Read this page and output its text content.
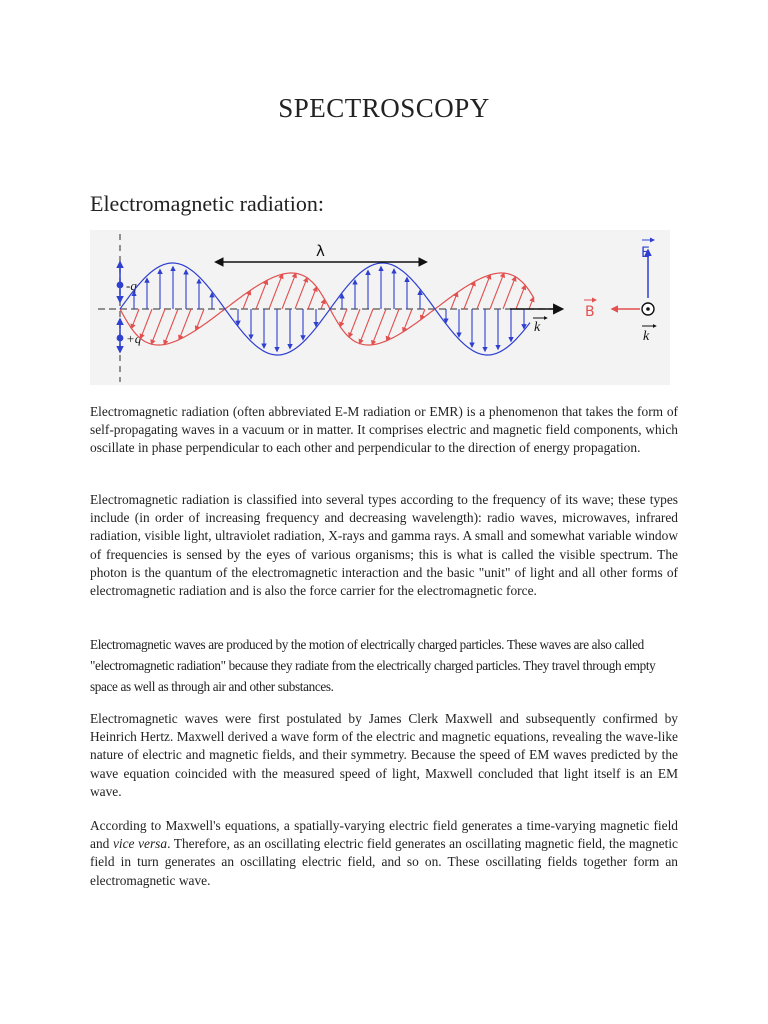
SPECTROSCOPY
Electromagnetic radiation:
-q
+q
k
λ	E
B
k

Electromagnetic radiation (often abbreviated E-M radiation or EMR) is a phenomenon that takes the form of self-propagating waves in a vacuum or in matter. It comprises electric and magnetic field components, which oscillate in phase perpendicular to each other and perpendicular to the direction of energy propagation.

Electromagnetic radiation is classified into several types according to the frequency of its wave; these types include (in order of increasing frequency and decreasing wavelength): radio waves, microwaves, infrared radiation, visible light, ultraviolet radiation, X-rays and gamma rays. A small and somewhat variable window of frequencies is sensed by the eyes of various organisms; this is what is called the visible spectrum. The photon is the quantum of the electromagnetic interaction and the basic "unit" of light and all other forms of electromagnetic radiation and is also the force carrier for the electromagnetic force.

Electromagnetic waves are produced by the motion of electrically charged particles. These waves are also called "electromagnetic radiation" because they radiate from the electrically charged particles. They travel through empty space as well as through air and other substances.

Electromagnetic waves were first postulated by James Clerk Maxwell and subsequently confirmed by Heinrich Hertz. Maxwell derived a wave form of the electric and magnetic equations, revealing the wave-like nature of electric and magnetic fields, and their symmetry. Because the speed of EM waves predicted by the wave equation coincided with the measured speed of light, Maxwell concluded that light itself is an EM wave.

According to Maxwell's equations, a spatially-varying electric field generates a time-varying magnetic field and vice versa. Therefore, as an oscillating electric field generates an oscillating magnetic field, the magnetic field in turn generates an oscillating electric field, and so on. These oscillating fields together form an electromagnetic wave.
